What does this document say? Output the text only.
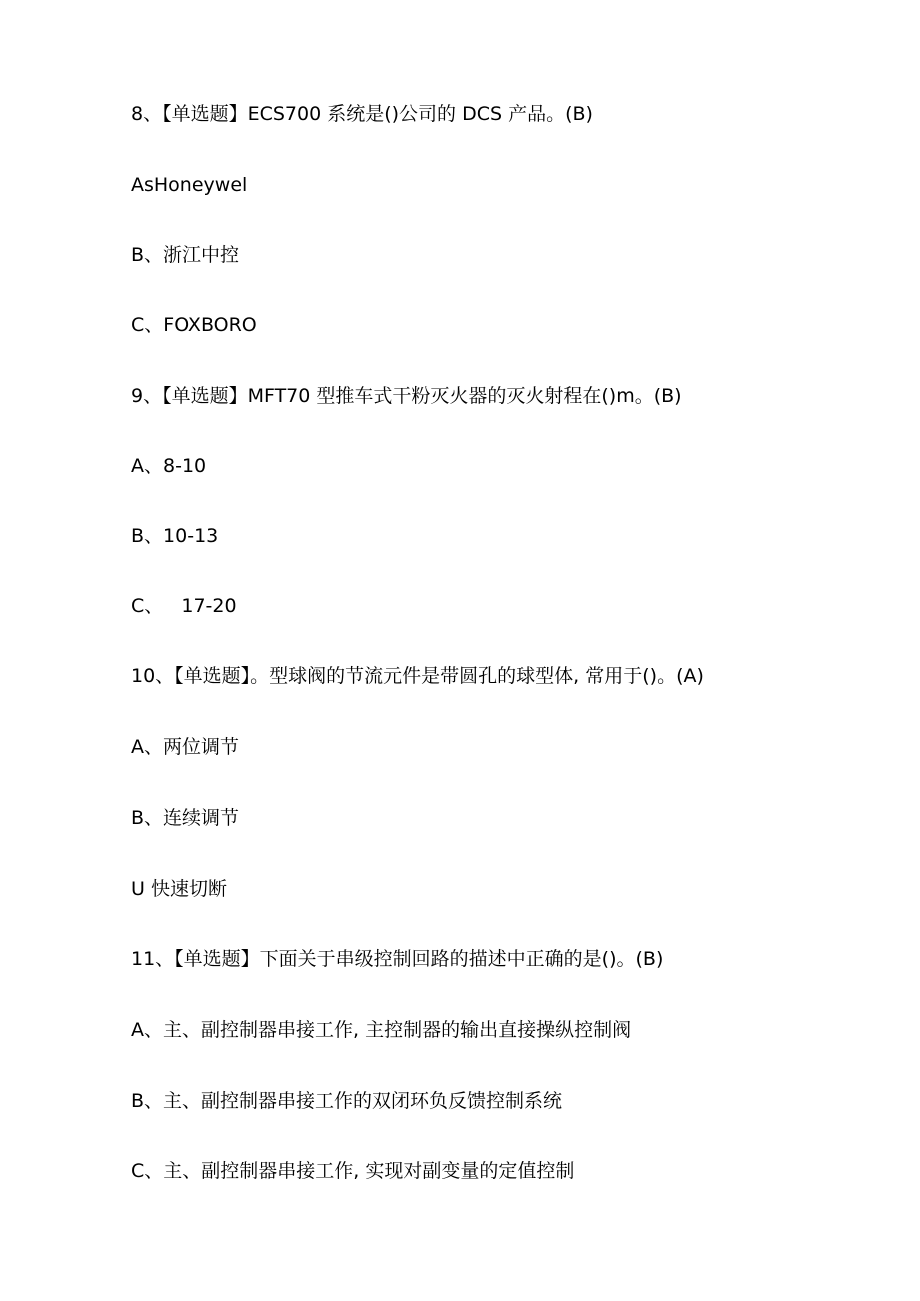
8、【单选题】ECS700 系统是()公司的 DCS 产品。(B)
AsHoneywel
B、浙江中控
C、FOXBORO
9、【单选题】MFT70 型推车式干粉灭火器的灭火射程在()m。(B)
A、8-10
B、10-13
C、   17-20
10、【单选题】。型球阀的节流元件是带圆孔的球型体, 常用于()。(A)
A、两位调节
B、连续调节
U 快速切断
11、【单选题】下面关于串级控制回路的描述中正确的是()。(B)
A、主、副控制器串接工作, 主控制器的输出直接操纵控制阀
B、主、副控制器串接工作的双闭环负反馈控制系统
C、主、副控制器串接工作, 实现对副变量的定值控制
